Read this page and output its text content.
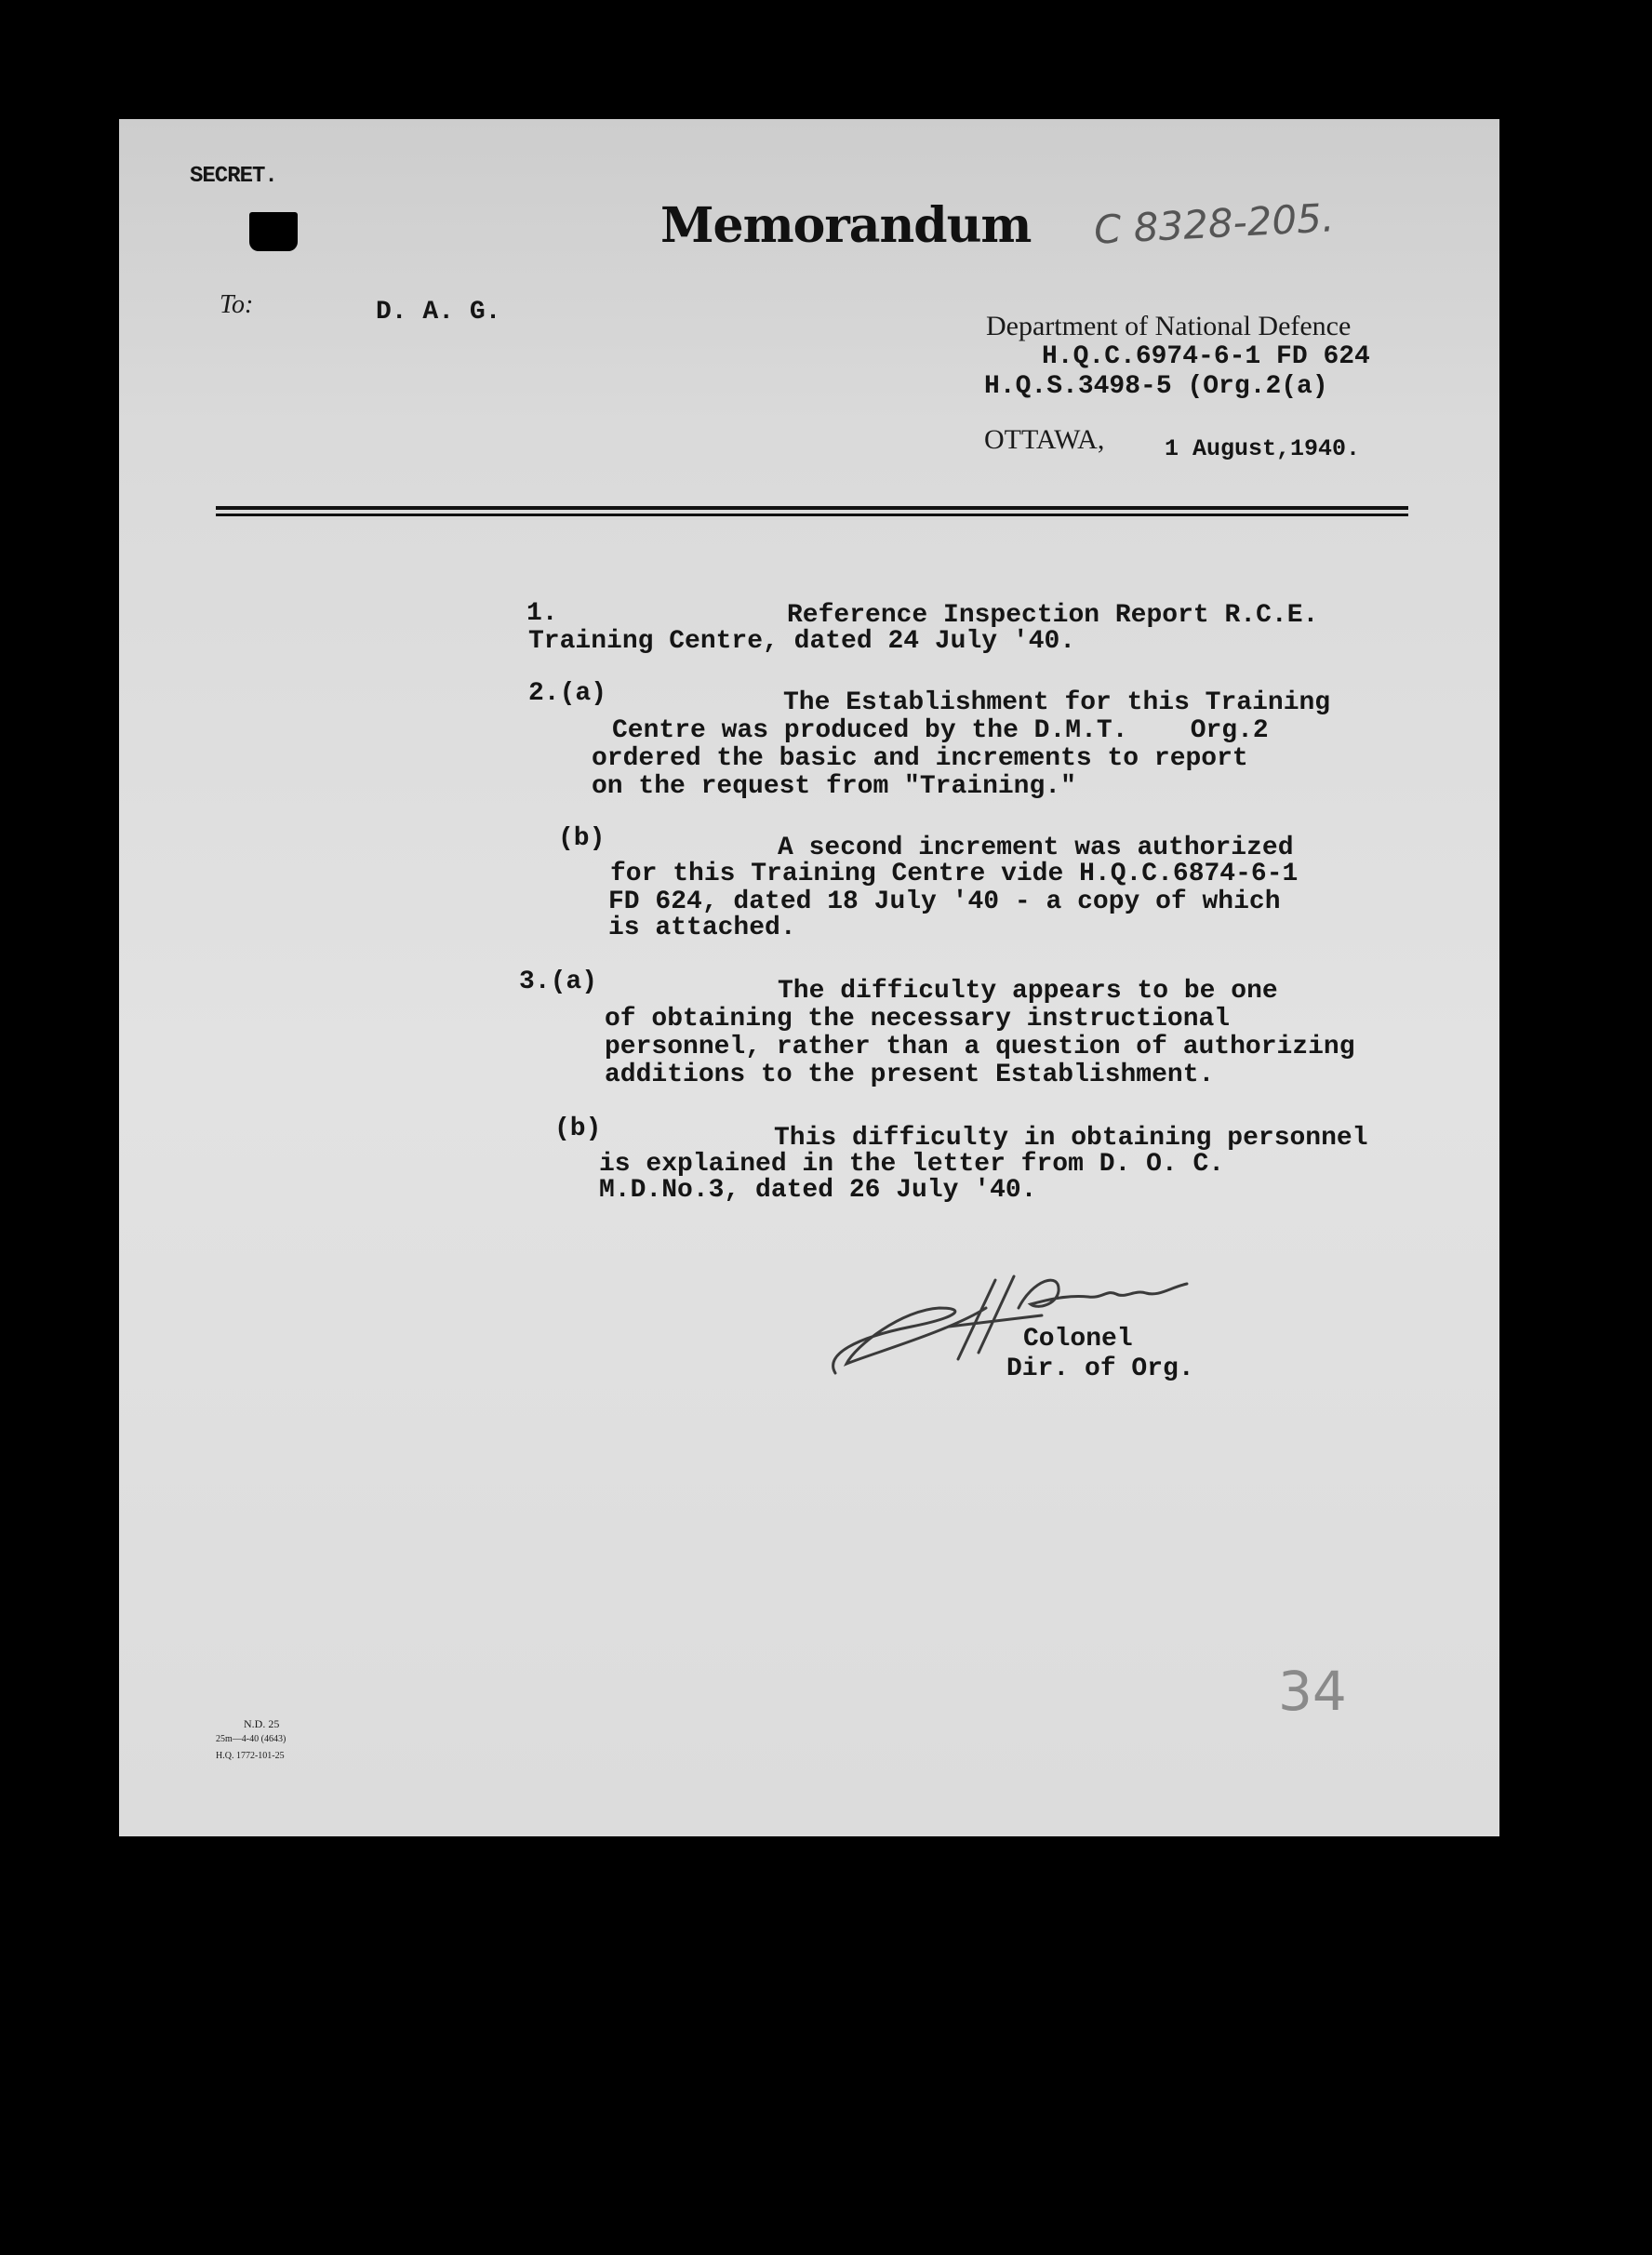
SECRET.
Memorandum C 8328-205.
To:	D. A. G.	Department of National Defence
H.Q.C.6974-6-1 FD 624
H.Q.S.3498-5 (Org.2(a)
OTTAWA,	1 August,1940.
1.	Reference Inspection Report R.C.E.
Training Centre, dated 24 July '40.
2.(a)	The Establishment for this Training
Centre was produced by the D.M.T.    Org.2
ordered the basic and increments to report
on the request from "Training."
(b)	A second increment was authorized
for this Training Centre vide H.Q.C.6874-6-1
FD 624, dated 18 July '40 - a copy of which
is attached.
3.(a)	The difficulty appears to be one
of obtaining the necessary instructional
personnel, rather than a question of authorizing
additions to the present Establishment.
(b)	This difficulty in obtaining personnel
is explained in the letter from D. O. C.
M.D.No.3, dated 26 July '40.
Colonel
Dir. of Org.
N.D. 25
25m—4-40 (4643)
H.Q. 1772-101-25
34
